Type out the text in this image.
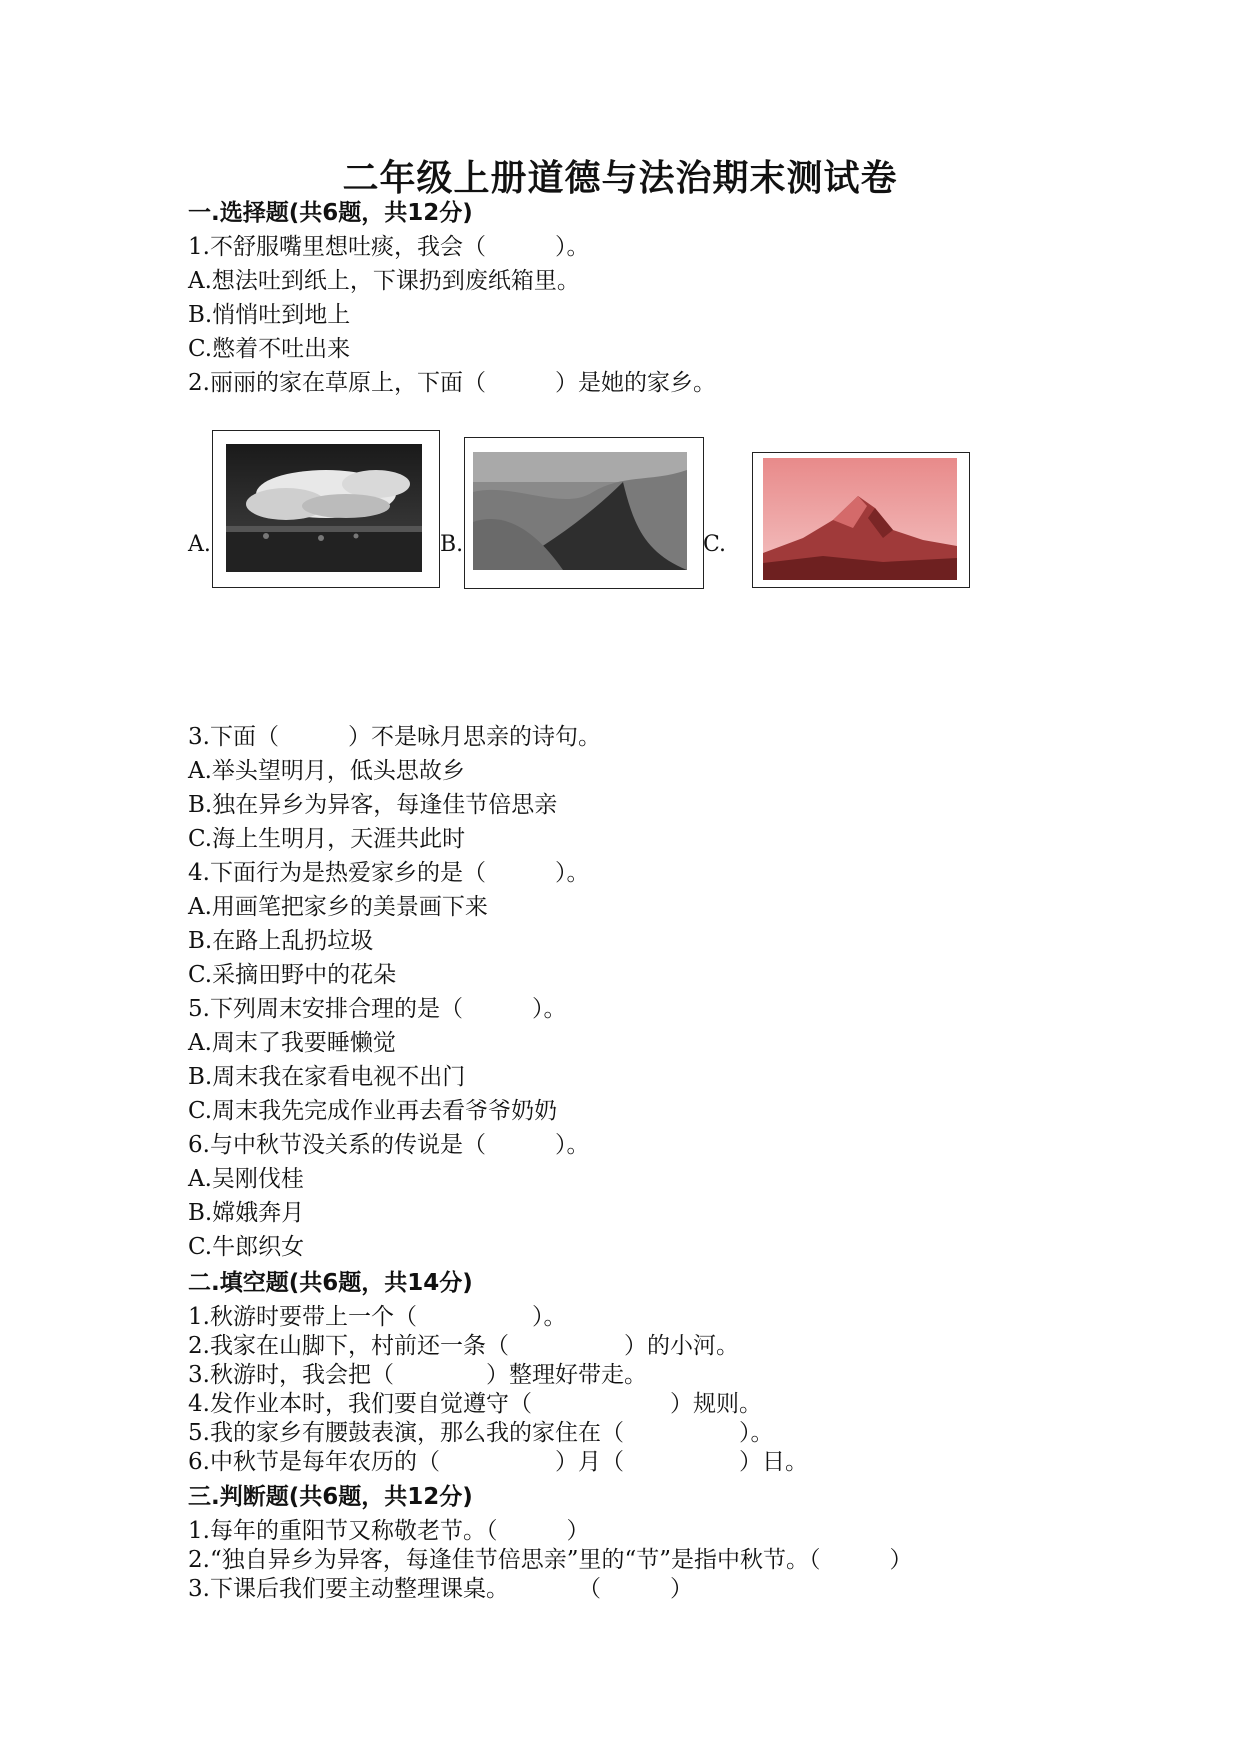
二年级上册道德与法治期末测试卷
一.选择题(共6题，共12分)
1.不舒服嘴里想吐痰，我会（　　　）。
A.想法吐到纸上，下课扔到废纸箱里。
B.悄悄吐到地上
C.憋着不吐出来
2.丽丽的家在草原上，下面（　　　）是她的家乡。
A.	B.	C.
3.下面（　　　）不是咏月思亲的诗句。
A.举头望明月，低头思故乡
B.独在异乡为异客，每逢佳节倍思亲
C.海上生明月，天涯共此时
4.下面行为是热爱家乡的是（　　　）。
A.用画笔把家乡的美景画下来
B.在路上乱扔垃圾
C.采摘田野中的花朵
5.下列周末安排合理的是（　　　）。
A.周末了我要睡懒觉
B.周末我在家看电视不出门
C.周末我先完成作业再去看爷爷奶奶
6.与中秋节没关系的传说是（　　　）。
A.吴刚伐桂
B.嫦娥奔月
C.牛郎织女
二.填空题(共6题，共14分)
1.秋游时要带上一个（　　　　　）。
2.我家在山脚下，村前还一条（　　　　　）的小河。
3.秋游时，我会把（　　　　）整理好带走。
4.发作业本时，我们要自觉遵守（　　　　　　）规则。
5.我的家乡有腰鼓表演，那么我的家住在（　　　　　）。
6.中秋节是每年农历的（　　　　　）月（　　　　　）日。
三.判断题(共6题，共12分)
1.每年的重阳节又称敬老节。（　　　）
2.“独自异乡为异客，每逢佳节倍思亲”里的“节”是指中秋节。（　　　）
3.下课后我们要主动整理课桌。　　　　（　　　）
